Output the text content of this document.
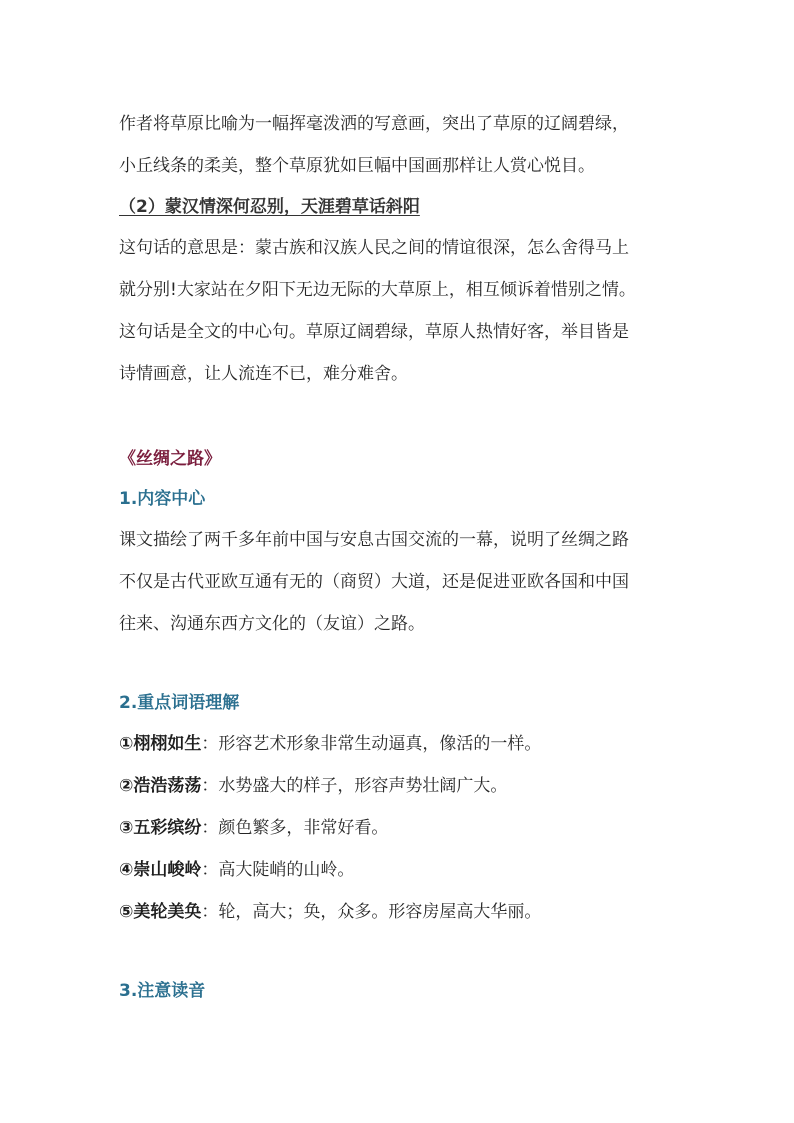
作者将草原比喻为一幅挥毫泼洒的写意画，突出了草原的辽阔碧绿，
小丘线条的柔美，整个草原犹如巨幅中国画那样让人赏心悦目。
（2）蒙汉情深何忍别，天涯碧草话斜阳
这句话的意思是：蒙古族和汉族人民之间的情谊很深，怎么舍得马上
就分别!大家站在夕阳下无边无际的大草原上，相互倾诉着惜别之情。
这句话是全文的中心句。草原辽阔碧绿，草原人热情好客，举目皆是
诗情画意，让人流连不已，难分难舍。
《丝绸之路》
1.内容中心
课文描绘了两千多年前中国与安息古国交流的一幕，说明了丝绸之路
不仅是古代亚欧互通有无的（商贸）大道，还是促进亚欧各国和中国
往来、沟通东西方文化的（友谊）之路。
2.重点词语理解
①栩栩如生：形容艺术形象非常生动逼真，像活的一样。
②浩浩荡荡：水势盛大的样子，形容声势壮阔广大。
③五彩缤纷：颜色繁多，非常好看。
④崇山峻岭：高大陡峭的山岭。
⑤美轮美奂：轮，高大；奂，众多。形容房屋高大华丽。
3.注意读音
